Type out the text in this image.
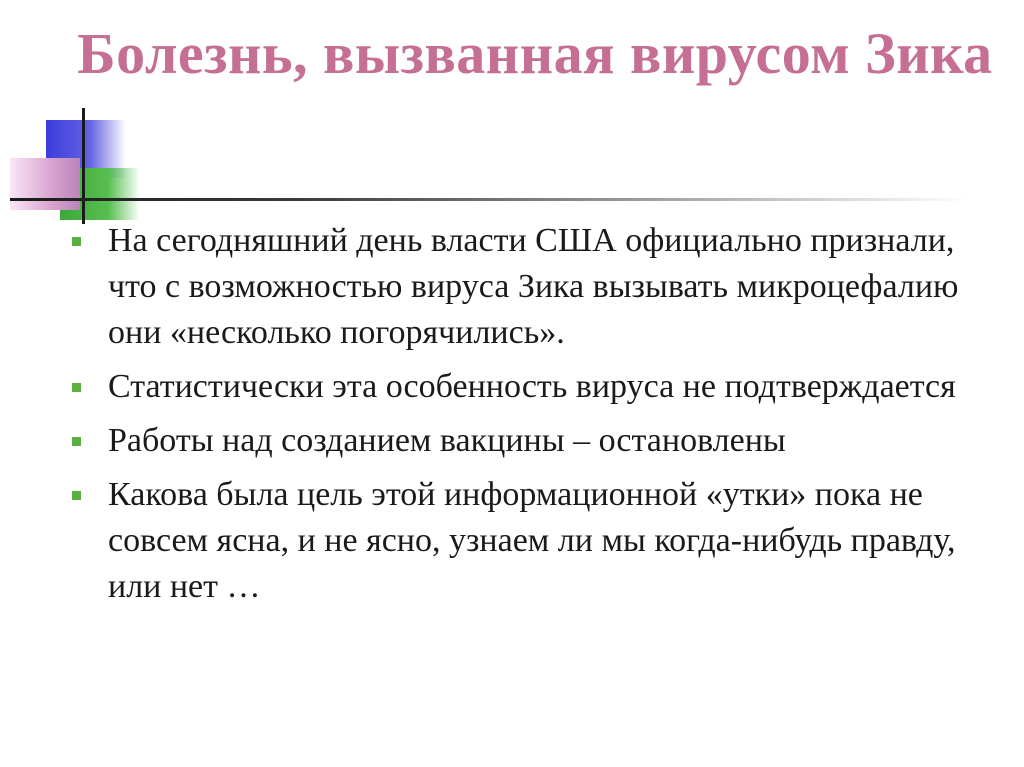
Болезнь, вызванная вирусом Зика
На сегодняшний день власти США официально признали, что с возможностью вируса Зика вызывать микроцефалию они «несколько погорячились».
Статистически эта особенность вируса не подтверждается
Работы над созданием вакцины – остановлены
Какова была цель этой информационной «утки» пока не совсем ясна, и не ясно, узнаем ли мы когда-нибудь правду, или нет …
